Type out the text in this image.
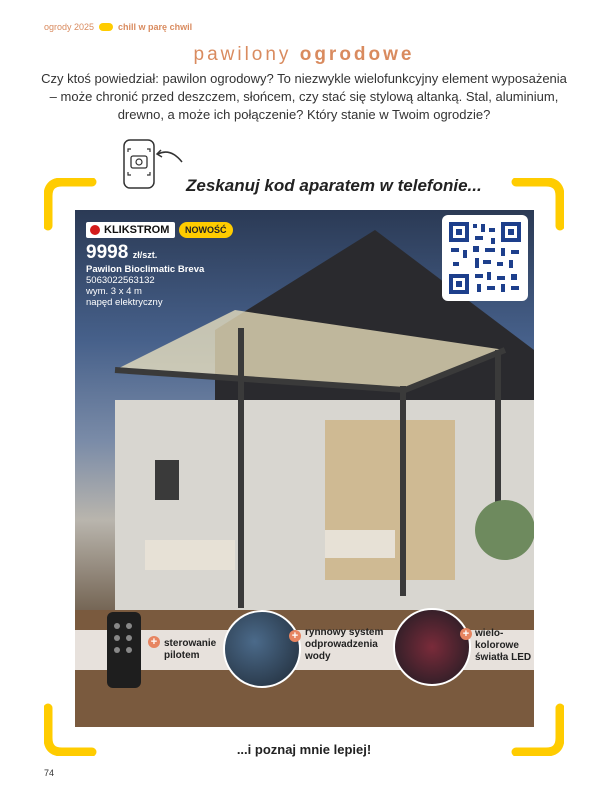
ogrody 2025	chill w parę chwil
pawilony ogrodowe
Czy ktoś powiedział: pawilon ogrodowy? To niezwykle wielofunkcyjny element wyposażenia – może chronić przed deszczem, słońcem, czy stać się stylową altanką. Stal, aluminium, drewno, a może ich połączenie? Który stanie w Twoim ogrodzie?
Zeskanuj kod aparatem w telefonie...
KLIKSTROM	NOWOŚĆ
9998 zł/szt.
Pawilon Bioclimatic Breva
5063022563132
wym. 3 x 4 m
napęd elektryczny
+ sterowanie pilotem
+ rynnowy system odprowadzenia wody
+ wielo-kolorowe światła LED
...i poznaj mnie lepiej!
74
